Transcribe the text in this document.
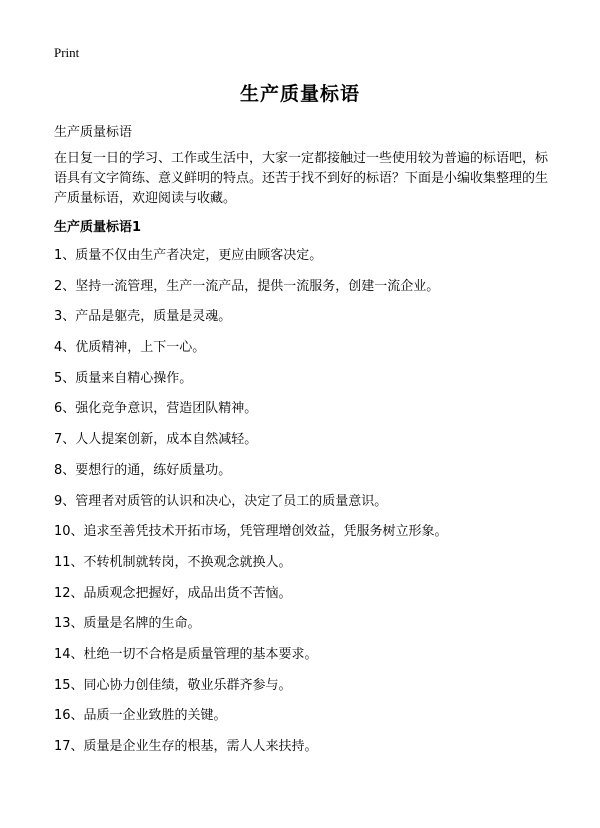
Print
生产质量标语
生产质量标语
在日复一日的学习、工作或生活中，大家一定都接触过一些使用较为普遍的标语吧，标语具有文字简练、意义鲜明的特点。还苦于找不到好的标语？下面是小编收集整理的生产质量标语，欢迎阅读与收藏。
生产质量标语1
1、质量不仅由生产者决定，更应由顾客决定。
2、坚持一流管理，生产一流产品，提供一流服务，创建一流企业。
3、产品是躯壳，质量是灵魂。
4、优质精神，上下一心。
5、质量来自精心操作。
6、强化竞争意识，营造团队精神。
7、人人提案创新，成本自然减轻。
8、要想行的通，练好质量功。
9、管理者对质管的认识和决心，决定了员工的质量意识。
10、追求至善凭技术开拓市场，凭管理增创效益，凭服务树立形象。
11、不转机制就转岗，不换观念就换人。
12、品质观念把握好，成品出货不苦恼。
13、质量是名牌的生命。
14、杜绝一切不合格是质量管理的基本要求。
15、同心协力创佳绩，敬业乐群齐参与。
16、品质一企业致胜的关键。
17、质量是企业生存的根基，需人人来扶持。
